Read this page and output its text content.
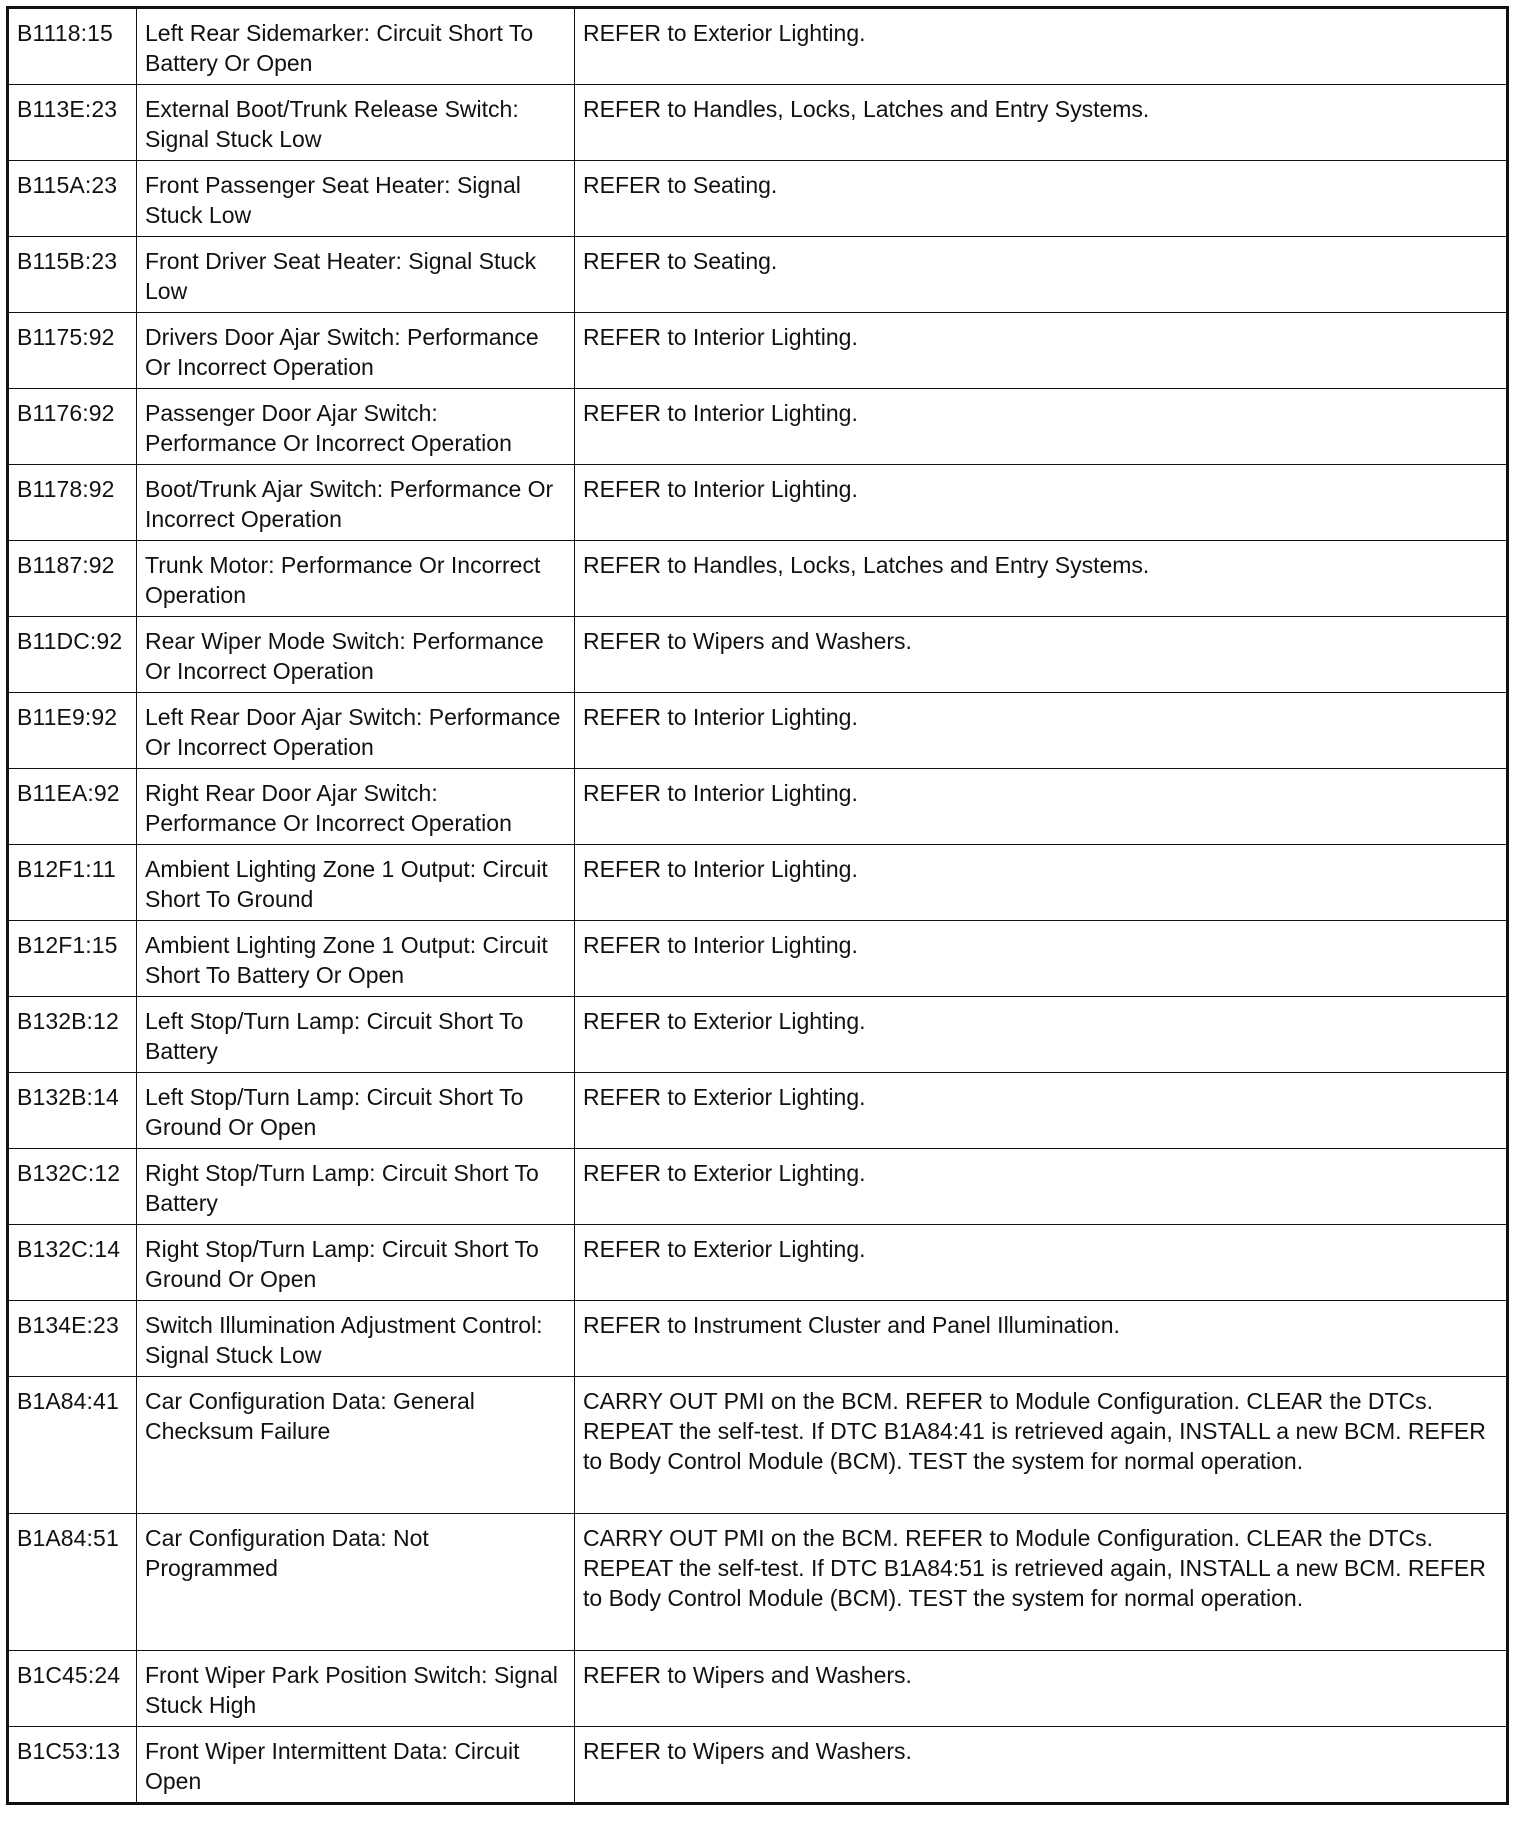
B1118:15	Left Rear Sidemarker: Circuit Short To Battery Or Open	REFER to Exterior Lighting.
B113E:23	External Boot/Trunk Release Switch: Signal Stuck Low	REFER to Handles, Locks, Latches and Entry Systems.
B115A:23	Front Passenger Seat Heater: Signal Stuck Low	REFER to Seating.
B115B:23	Front Driver Seat Heater: Signal Stuck Low	REFER to Seating.
B1175:92	Drivers Door Ajar Switch: Performance Or Incorrect Operation	REFER to Interior Lighting.
B1176:92	Passenger Door Ajar Switch: Performance Or Incorrect Operation	REFER to Interior Lighting.
B1178:92	Boot/Trunk Ajar Switch: Performance Or Incorrect Operation	REFER to Interior Lighting.
B1187:92	Trunk Motor: Performance Or Incorrect Operation	REFER to Handles, Locks, Latches and Entry Systems.
B11DC:92	Rear Wiper Mode Switch: Performance Or Incorrect Operation	REFER to Wipers and Washers.
B11E9:92	Left Rear Door Ajar Switch: Performance Or Incorrect Operation	REFER to Interior Lighting.
B11EA:92	Right Rear Door Ajar Switch: Performance Or Incorrect Operation	REFER to Interior Lighting.
B12F1:11	Ambient Lighting Zone 1 Output: Circuit Short To Ground	REFER to Interior Lighting.
B12F1:15	Ambient Lighting Zone 1 Output: Circuit Short To Battery Or Open	REFER to Interior Lighting.
B132B:12	Left Stop/Turn Lamp: Circuit Short To Battery	REFER to Exterior Lighting.
B132B:14	Left Stop/Turn Lamp: Circuit Short To Ground Or Open	REFER to Exterior Lighting.
B132C:12	Right Stop/Turn Lamp: Circuit Short To Battery	REFER to Exterior Lighting.
B132C:14	Right Stop/Turn Lamp: Circuit Short To Ground Or Open	REFER to Exterior Lighting.
B134E:23	Switch Illumination Adjustment Control: Signal Stuck Low	REFER to Instrument Cluster and Panel Illumination.
B1A84:41	Car Configuration Data: General Checksum Failure	CARRY OUT PMI on the BCM. REFER to Module Configuration. CLEAR the DTCs. REPEAT the self-test. If DTC B1A84:41 is retrieved again, INSTALL a new BCM. REFER to Body Control Module (BCM). TEST the system for normal operation.
B1A84:51	Car Configuration Data: Not Programmed	CARRY OUT PMI on the BCM. REFER to Module Configuration. CLEAR the DTCs. REPEAT the self-test. If DTC B1A84:51 is retrieved again, INSTALL a new BCM. REFER to Body Control Module (BCM). TEST the system for normal operation.
B1C45:24	Front Wiper Park Position Switch: Signal Stuck High	REFER to Wipers and Washers.
B1C53:13	Front Wiper Intermittent Data: Circuit Open	REFER to Wipers and Washers.
